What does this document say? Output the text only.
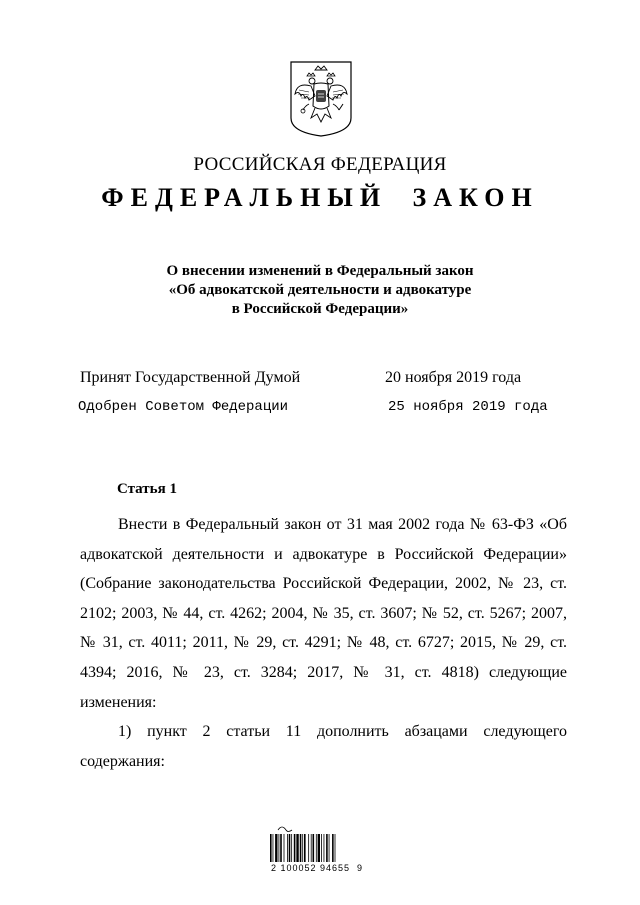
РОССИЙСКАЯ ФЕДЕРАЦИЯ
ФЕДЕРАЛЬНЫЙ ЗАКОН
О внесении изменений в Федеральный закон
«Об адвокатской деятельности и адвокатуре
в Российской Федерации»
Принят Государственной Думой	20 ноября 2019 года
Одобрен Советом Федерации	25 ноября 2019 года
Статья 1

Внести в Федеральный закон от 31 мая 2002 года № 63-ФЗ «Об адвокатской деятельности и адвокатуре в Российской Федерации» (Собрание законодательства Российской Федерации, 2002, № 23, ст. 2102; 2003, № 44, ст. 4262; 2004, № 35, ст. 3607; № 52, ст. 5267; 2007, № 31, ст. 4011; 2011, № 29, ст. 4291; № 48, ст. 6727; 2015, № 29, ст. 4394; 2016, № 23, ст. 3284; 2017, № 31, ст. 4818) следующие изменения:

1) пункт 2 статьи 11 дополнить абзацами следующего содержания:

2 100052 94655  9
